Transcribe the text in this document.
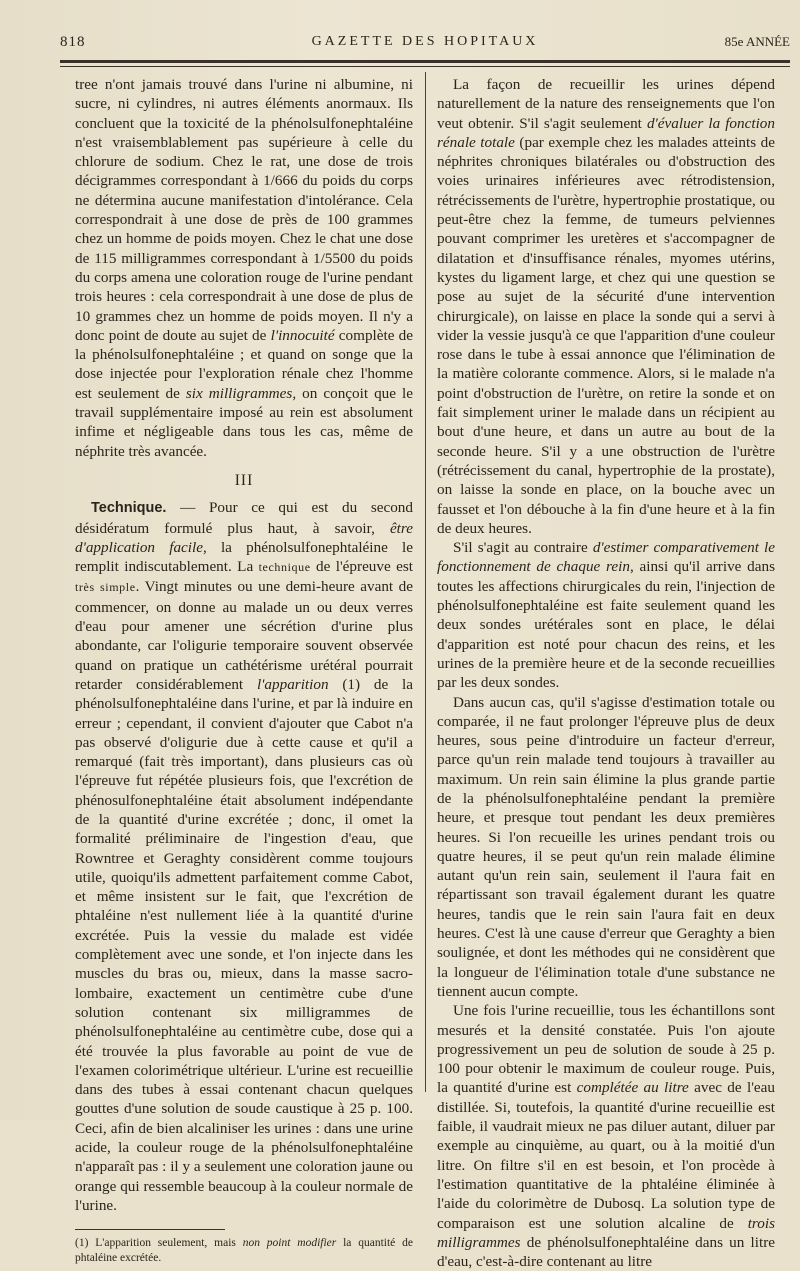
818	GAZETTE DES HOPITAUX	85e ANNÉE

tree n'ont jamais trouvé dans l'urine ni albumine, ni sucre, ni cylindres, ni autres éléments anormaux. Ils concluent que la toxicité de la phénolsulfonephtaléine n'est vraisemblablement pas supérieure à celle du chlorure de sodium. Chez le rat, une dose de trois décigrammes correspondant à 1/666 du poids du corps ne détermina aucune manifestation d'intolérance. Cela correspondrait à une dose de près de 100 grammes chez un homme de poids moyen. Chez le chat une dose de 115 milligrammes correspondant à 1/5500 du poids du corps amena une coloration rouge de l'urine pendant trois heures : cela correspondrait à une dose de plus de 10 grammes chez un homme de poids moyen. Il n'y a donc point de doute au sujet de l'innocuité complète de la phénolsulfonephtaléine ; et quand on songe que la dose injectée pour l'exploration rénale chez l'homme est seulement de six milligrammes, on conçoit que le travail supplémentaire imposé au rein est absolument infime et négligeable dans tous les cas, même de néphrite très avancée.

III

Technique. — Pour ce qui est du second désidératum formulé plus haut, à savoir, être d'application facile, la phénolsulfonephtaléine le remplit indiscutablement. La technique de l'épreuve est très simple. Vingt minutes ou une demi-heure avant de commencer, on donne au malade un ou deux verres d'eau pour amener une sécrétion d'urine plus abondante, car l'oligurie temporaire souvent observée quand on pratique un cathétérisme urétéral pourrait retarder considérablement l'apparition (1) de la phénolsulfonephtaléine dans l'urine, et par là induire en erreur ; cependant, il convient d'ajouter que Cabot n'a pas observé d'oligurie due à cette cause et qu'il a remarqué (fait très important), dans plusieurs cas où l'épreuve fut répétée plusieurs fois, que l'excrétion de phénosulfonephtaléine était absolument indépendante de la quantité d'urine excrétée ; donc, il omet la formalité préliminaire de l'ingestion d'eau, que Rowntree et Geraghty considèrent comme toujours utile, quoiqu'ils admettent parfaitement comme Cabot, et même insistent sur le fait, que l'excrétion de phtaléine n'est nullement liée à la quantité d'urine excrétée. Puis la vessie du malade est vidée complètement avec une sonde, et l'on injecte dans les muscles du bras ou, mieux, dans la masse sacro-lombaire, exactement un centimètre cube d'une solution contenant six milligrammes de phénolsulfonephtaléine au centimètre cube, dose qui a été trouvée la plus favorable au point de vue de l'examen colorimétrique ultérieur. L'urine est recueillie dans des tubes à essai contenant chacun quelques gouttes d'une solution de soude caustique à 25 p. 100. Ceci, afin de bien alcaliniser les urines : dans une urine acide, la couleur rouge de la phénolsulfonephtaléine n'apparaît pas : il y a seulement une coloration jaune ou orange qui ressemble beaucoup à la couleur normale de l'urine.

(1) L'apparition seulement, mais non point modifier la quantité de phtaléine excrétée.

La façon de recueillir les urines dépend naturellement de la nature des renseignements que l'on veut obtenir. S'il s'agit seulement d'évaluer la fonction rénale totale (par exemple chez les malades atteints de néphrites chroniques bilatérales ou d'obstruction des voies urinaires inférieures avec rétrodistension, rétrécissements de l'urètre, hypertrophie prostatique, ou peut-être chez la femme, de tumeurs pelviennes pouvant comprimer les uretères et s'accompagner de dilatation et d'insuffisance rénales, myomes utérins, kystes du ligament large, et chez qui une question se pose au sujet de la sécurité d'une intervention chirurgicale), on laisse en place la sonde qui a servi à vider la vessie jusqu'à ce que l'apparition d'une couleur rose dans le tube à essai annonce que l'élimination de la matière colorante commence. Alors, si le malade n'a point d'obstruction de l'urètre, on retire la sonde et on fait simplement uriner le malade dans un récipient au bout d'une heure, et dans un autre au bout de la seconde heure. S'il y a une obstruction de l'urètre (rétrécissement du canal, hypertrophie de la prostate), on laisse la sonde en place, on la bouche avec un fausset et l'on débouche à la fin d'une heure et à la fin de deux heures.

S'il s'agit au contraire d'estimer comparativement le fonctionnement de chaque rein, ainsi qu'il arrive dans toutes les affections chirurgicales du rein, l'injection de phénolsulfonephtaléine est faite seulement quand les deux sondes urétérales sont en place, le délai d'apparition est noté pour chacun des reins, et les urines de la première heure et de la seconde recueillies par les deux sondes.

Dans aucun cas, qu'il s'agisse d'estimation totale ou comparée, il ne faut prolonger l'épreuve plus de deux heures, sous peine d'introduire un facteur d'erreur, parce qu'un rein malade tend toujours à travailler au maximum. Un rein sain élimine la plus grande partie de la phénolsulfonephtaléine pendant la première heure, et presque tout pendant les deux premières heures. Si l'on recueille les urines pendant trois ou quatre heures, il se peut qu'un rein malade élimine autant qu'un rein sain, seulement il l'aura fait en répartissant son travail également durant les quatre heures, tandis que le rein sain l'aura fait en deux heures. C'est là une cause d'erreur que Geraghty a bien soulignée, et dont les méthodes qui ne considèrent que la longueur de l'élimination totale d'une substance ne tiennent aucun compte.

Une fois l'urine recueillie, tous les échantillons sont mesurés et la densité constatée. Puis l'on ajoute progressivement un peu de solution de soude à 25 p. 100 pour obtenir le maximum de couleur rouge. Puis, la quantité d'urine est complétée au litre avec de l'eau distillée. Si, toutefois, la quantité d'urine recueillie est faible, il vaudrait mieux ne pas diluer autant, diluer par exemple au cinquième, au quart, ou à la moitié d'un litre. On filtre s'il en est besoin, et l'on procède à l'estimation quantitative de la phtaléine éliminée à l'aide du colorimètre de Dubosq. La solution type de comparaison est une solution alcaline de trois milligrammes de phénolsulfonephtaléine dans un litre d'eau, c'est-à-dire contenant au litre
